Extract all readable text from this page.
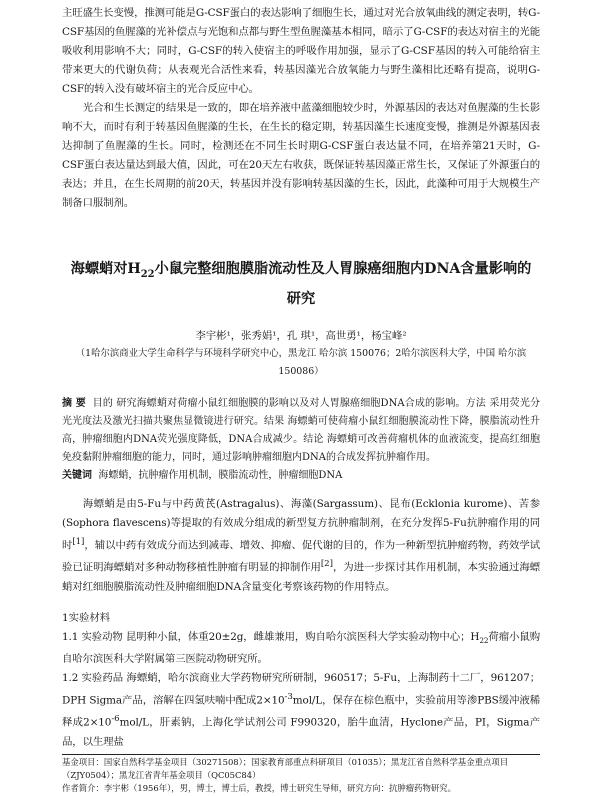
主旺盛生长变慢，推测可能是G-CSF蛋白的表达影响了细胞生长，通过对光合放氧曲线的测定表明，转G-CSF基因的鱼腥藻的光补偿点与光饱和点都与野生型鱼腥藻基本相同，暗示了G-CSF的表达对宿主的光能吸收利用影响不大；同时，G-CSF的转入使宿主的呼吸作用加强，显示了G-CSF基因的转入可能给宿主带来更大的代谢负荷；从表观光合活性来看，转基因藻光合放氧能力与野生藻相比还略有提高，说明G-CSF的转入没有破坏宿主的光合反应中心。

光合和生长测定的结果是一致的，即在培养液中蓝藻细胞较少时，外源基因的表达对鱼腥藻的生长影响不大，而时有利于转基因鱼腥藻的生长，在生长的稳定期，转基因藻生长速度变慢，推测是外源基因表达抑制了鱼腥藻的生长。同时，检测还在不同生长时期G-CSF蛋白表达量不同，在培养第21天时，G-CSF蛋白表达量达到最大值，因此，可在20天左右收获，既保证转基因藻正常生长，又保证了外源蛋白的表达；并且，在生长周期的前20天，转基因并没有影响转基因藻的生长，因此，此藻种可用于大规模生产制备口服制剂。

海螵蛸对$H_{22}$小鼠完整细胞膜脂流动性及人胃腺癌细胞内DNA含量影响的研究
李宇彬¹，张秀娟¹，孔 琪¹，高世勇¹，杨宝峰²
（1哈尔滨商业大学生命科学与环境科学研究中心，黑龙江 哈尔滨 150076；2哈尔滨医科大学，中国 哈尔滨 150086）

摘 要 目的 研究海螵蛸对荷瘤小鼠红细胞膜的影响以及对人胃腺癌细胞DNA合成的影响。方法 采用荧光分光光度法及激光扫描共聚焦显微镜进行研究。结果 海螵蛸可使荷瘤小鼠红细胞膜流动性下降，膜脂流动性升高，肿瘤细胞内DNA荧光强度降低，DNA合成减少。结论 海螵蛸可改善荷瘤机体的血液流变，提高红细胞免疫黏附肿瘤细胞的能力，同时，通过影响肿瘤细胞内DNA的合成发挥抗肿瘤作用。

关键词 海螵蛸，抗肿瘤作用机制，膜脂流动性，肿瘤细胞DNA

海螵蛸是由5-Fu与中药黄芪(Astragalus)、海藻(Sargassum)、昆布(Ecklonia kurome)、苦参(Sophora flavescens)等提取的有效成分组成的新型复方抗肿瘤制剂，在充分发挥5-Fu抗肿瘤作用的同时[1]，辅以中药有效成分而达到减毒、增效、抑瘤、促代谢的目的，作为一种新型抗肿瘤药物，药效学试验已证明海螵蛸对多种动物移植性肿瘤有明显的抑制作用[2]，为进一步探讨其作用机制，本实验通过海螵蛸对红细胞膜脂流动性及肿瘤细胞DNA含量变化考察该药物的作用特点。

1实验材料

1.1 实验动物 昆明种小鼠，体重20±2g，雌雄兼用，购自哈尔滨医科大学实验动物中心；$H_{22}$荷瘤小鼠购自哈尔滨医科大学附属第三医院动物研究所。

1.2 实验药品 海螵蛸，哈尔滨商业大学药物研究所研制，960517；5-Fu，上海制药十二厂，961207；DPH Sigma产品，溶解在四氢呋喃中配成$2\times 10^{-3}mol/L$，保存在棕色瓶中，实验前用等渗PBS缓冲液稀释成$2\times 10^{-6}mol/L$，肝素钠，上海化学试剂公司 F990320，胎牛血清，Hyclone产品，PI，Sigma产品，以生理盐

基金项目：国家自然科学基金项目（30271508）；国家教育部重点科研项目（01035）；黑龙江省自然科学基金重点项目（ZJY0504）；黑龙江省青年基金项目（QC05C84）
作者简介：李宇彬（1956年），男，博士，博士后，教授，博士研究生导师，研究方向：抗肿瘤药物研究。
